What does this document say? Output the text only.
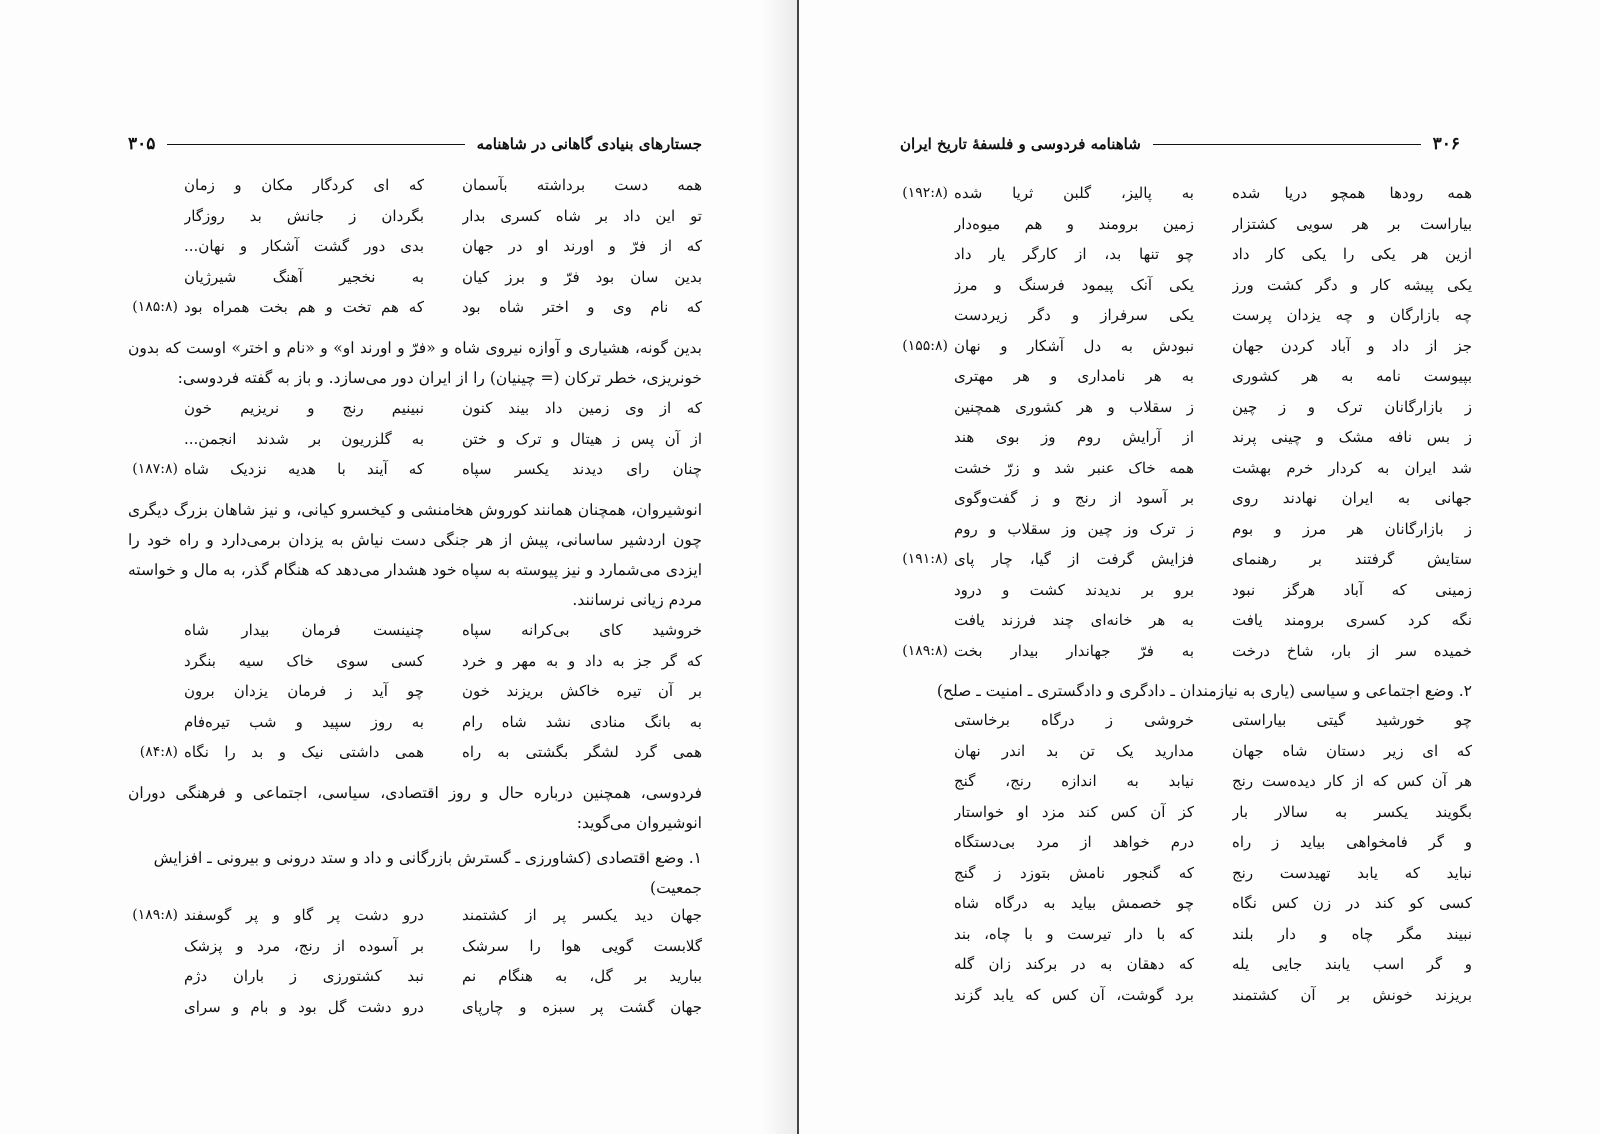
جستارهای بنیادی گاهانی در شاهنامه
۳۰۵
همه دست برداشته بآسمان
که ای کردگار مکان و زمان
تو این داد بر شاه کسری بدار
بگردان ز جانش بد روزگار
که از فرّ و اورند او در جهان
بدی دور گشت آشکار و نهان...
بدین سان بود فرّ و برز کیان
به نخجیر آهنگ شیرژیان
که نام وی و اختر شاه بود
که هم تخت و هم بخت همراه بود
(۱۸۵:۸)
بدین گونه، هشیاری و آوازه نیروی شاه و «فرّ و اورند او» و «نام و اختر» اوست که بدون خونریزی، خطر ترکان (= چینیان) را از ایران دور می‌سازد. و باز به گفته فردوسی:
که از وی زمین داد بیند کنون
نبینیم رنج و نریزیم خون
از آن پس ز هیتال و ترک و ختن
به گلزریون بر شدند انجمن...
چنان رای دیدند یکسر سپاه
که آیند با هدیه نزدیک شاه
(۱۸۷:۸)
انوشیروان، همچنان همانند کوروش هخامنشی و کیخسرو کیانی، و نیز شاهان بزرگ دیگری چون اردشیر ساسانی، پیش از هر جنگی دست نیاش به یزدان برمی‌دارد و راه خود را ایزدی می‌شمارد و نیز پیوسته به سپاه خود هشدار می‌دهد که هنگام گذر، به مال و خواسته مردم زیانی نرسانند.
خروشید کای بی‌کرانه سپاه
چنینست فرمان بیدار شاه
که گر جز به داد و به مهر و خرد
کسی سوی خاک سیه بنگرد
بر آن تیره خاکش بریزند خون
چو آید ز فرمان یزدان برون
به بانگ منادی نشد شاه رام
به روز سپید و شب تیره‌فام
همی گرد لشگر بگشتی به راه
همی داشتی نیک و بد را نگاه
(۸۴:۸)
فردوسی، همچنین درباره حال و روز اقتصادی، سیاسی، اجتماعی و فرهنگی دوران انوشیروان می‌گوید:
۱. وضع اقتصادی (کشاورزی ـ گسترش بازرگانی و داد و ستد درونی و بیرونی ـ افزایش جمعیت)
جهان دید یکسر پر از کشتمند
درو دشت پر گاو و پر گوسفند
(۱۸۹:۸)
گلابست گویی هوا را سرشک
بر آسوده از رنج، مرد و پزشک
ببارید بر گل، به هنگام نم
نبد کشتورزی ز باران دژم
جهان گشت پر سبزه و چارپای
درو دشت گل بود و بام و سرای
۳۰۶
شاهنامه فردوسی و فلسفهٔ تاریخ ایران
همه رودها همچو دریا شده
به پالیز، گلبن ثریا شده
(۱۹۲:۸)
بیاراست بر هر سویی کشتزار
زمین برومند و هم میوه‌دار
ازین هر یکی را یکی کار داد
چو تنها بد، از کارگر یار داد
یکی پیشه کار و دگر کشت ورز
یکی آنک پیمود فرسنگ و مرز
چه بازارگان و چه یزدان پرست
یکی سرفراز و دگر زیردست
جز از داد و آباد کردن جهان
نبودش به دل آشکار و نهان
(۱۵۵:۸)
بپیوست نامه به هر کشوری
به هر نامداری و هر مهتری
ز بازارگانان ترک و ز چین
ز سقلاب و هر کشوری همچنین
ز بس نافه مشک و چینی پرند
از آرایش روم وز بوی هند
شد ایران به کردار خرم بهشت
همه خاک عنبر شد و زرّ خشت
جهانی به ایران نهادند روی
بر آسود از رنج و ز گفت‌وگوی
ز بازارگانان هر مرز و بوم
ز ترک وز چین وز سقلاب و روم
ستایش گرفتند بر رهنمای
فزایش گرفت از گیا، چار پای
(۱۹۱:۸)
زمینی که آباد هرگز نبود
برو بر ندیدند کشت و درود
نگه کرد کسری برومند یافت
به هر خانه‌ای چند فرزند یافت
خمیده سر از بار، شاخ درخت
به فرّ جهاندار بیدار بخت
(۱۸۹:۸)
۲. وضع اجتماعی و سیاسی (یاری به نیازمندان ـ دادگری و دادگستری ـ امنیت ـ صلح)
چو خورشید گیتی بیاراستی
خروشی ز درگاه برخاستی
که ای زیر دستان شاه جهان
مدارید یک تن بد اندر نهان
هر آن کس که از کار دیده‌ست رنج
نیابد به اندازه رنج، گنج
بگویند یکسر به سالار بار
کز آن کس کند مزد او خواستار
و گر فامخواهی بیاید ز راه
درم خواهد از مرد بی‌دستگاه
نباید که یابد تهیدست رنج
که گنجور نامش بتوزد ز گنج
کسی کو کند در زن کس نگاه
چو خصمش بیاید به درگاه شاه
نبیند مگر چاه و دار بلند
که با دار تیرست و با چاه، بند
و گر اسب یابند جایی یله
که دهقان به در برکند زان گله
بریزند خونش بر آن کشتمند
برد گوشت، آن کس که یابد گزند
